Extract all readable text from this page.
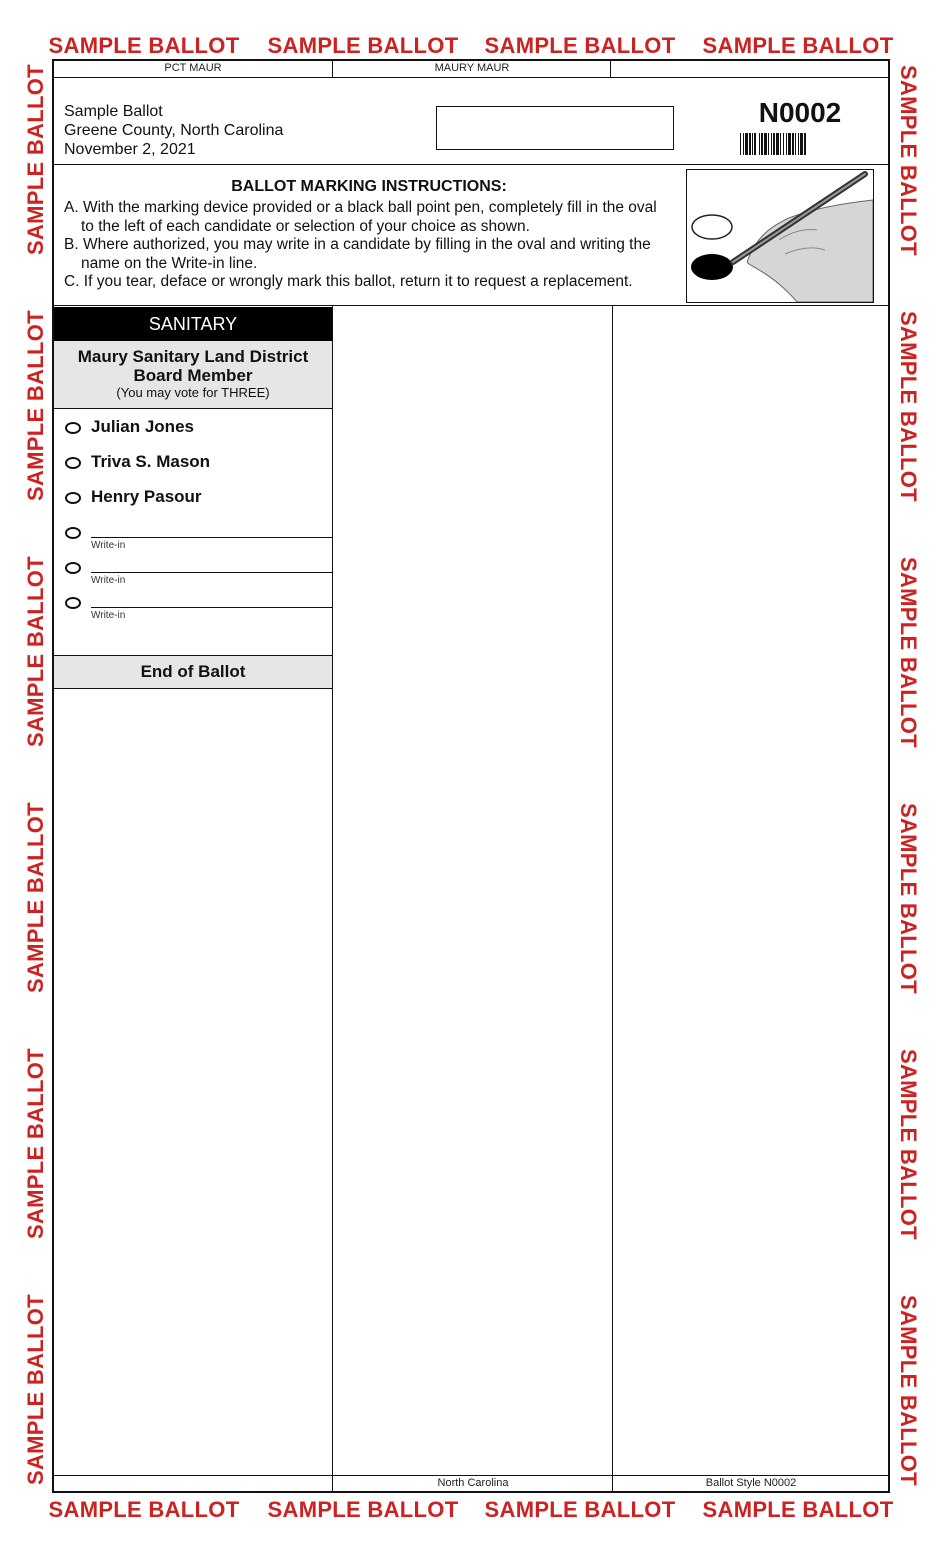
SAMPLE BALLOT SAMPLE BALLOT SAMPLE BALLOT SAMPLE BALLOT
SAMPLE BALLOT SAMPLE BALLOT SAMPLE BALLOT SAMPLE BALLOT
SAMPLE BALLOT
SAMPLE BALLOT
SAMPLE BALLOT
SAMPLE BALLOT
SAMPLE BALLOT
SAMPLE BALLOT
SAMPLE BALLOT
SAMPLE BALLOT
SAMPLE BALLOT
SAMPLE BALLOT
SAMPLE BALLOT
SAMPLE BALLOT
PCT MAUR	MAURY MAUR
Sample Ballot
Greene County, North Carolina
November 2, 2021
N0002
BALLOT MARKING INSTRUCTIONS:
A. With the marking device provided or a black ball point pen, completely fill in the oval to the left of each candidate or selection of your choice as shown.
B. Where authorized, you may write in a candidate by filling in the oval and writing the name on the Write-in line.
C. If you tear, deface or wrongly mark this ballot, return it to request a replacement.
SANITARY
Maury Sanitary Land District
Board Member
(You may vote for THREE)
Julian Jones
Triva S. Mason
Henry Pasour
Write-in
Write-in
Write-in
End of Ballot
North Carolina	Ballot Style N0002
